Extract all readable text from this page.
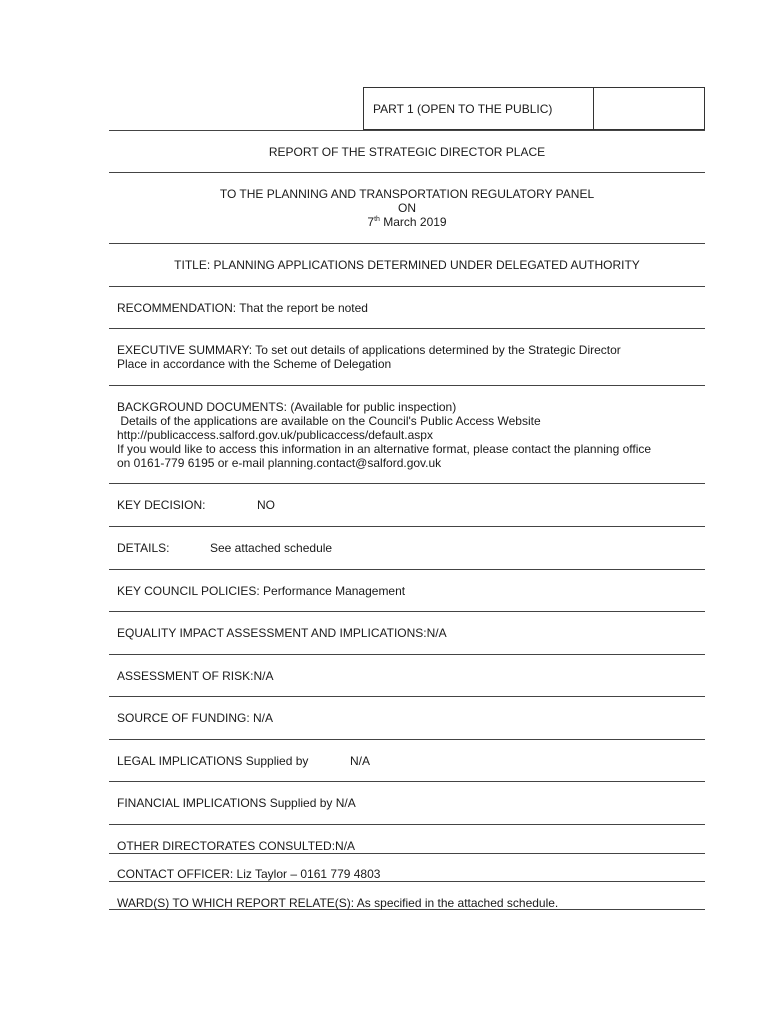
PART 1 (OPEN TO THE PUBLIC)
REPORT OF THE STRATEGIC DIRECTOR PLACE
TO THE PLANNING AND TRANSPORTATION REGULATORY PANEL
ON
7th March 2019
TITLE: PLANNING APPLICATIONS DETERMINED UNDER DELEGATED AUTHORITY
RECOMMENDATION: That the report be noted
EXECUTIVE SUMMARY: To set out details of applications determined by the Strategic Director
Place in accordance with the Scheme of Delegation
BACKGROUND DOCUMENTS: (Available for public inspection)
Details of the applications are available on the Council's Public Access Website
http://publicaccess.salford.gov.uk/publicaccess/default.aspx
If you would like to access this information in an alternative format, please contact the planning office
on 0161-779 6195 or e-mail planning.contact@salford.gov.uk
KEY DECISION:	NO
DETAILS:	See attached schedule
KEY COUNCIL POLICIES: Performance Management
EQUALITY IMPACT ASSESSMENT AND IMPLICATIONS:N/A
ASSESSMENT OF RISK:N/A
SOURCE OF FUNDING: N/A
LEGAL IMPLICATIONS Supplied by	N/A
FINANCIAL IMPLICATIONS Supplied by N/A
OTHER DIRECTORATES CONSULTED:N/A
CONTACT OFFICER: Liz Taylor – 0161 779 4803
WARD(S) TO WHICH REPORT RELATE(S): As specified in the attached schedule.
